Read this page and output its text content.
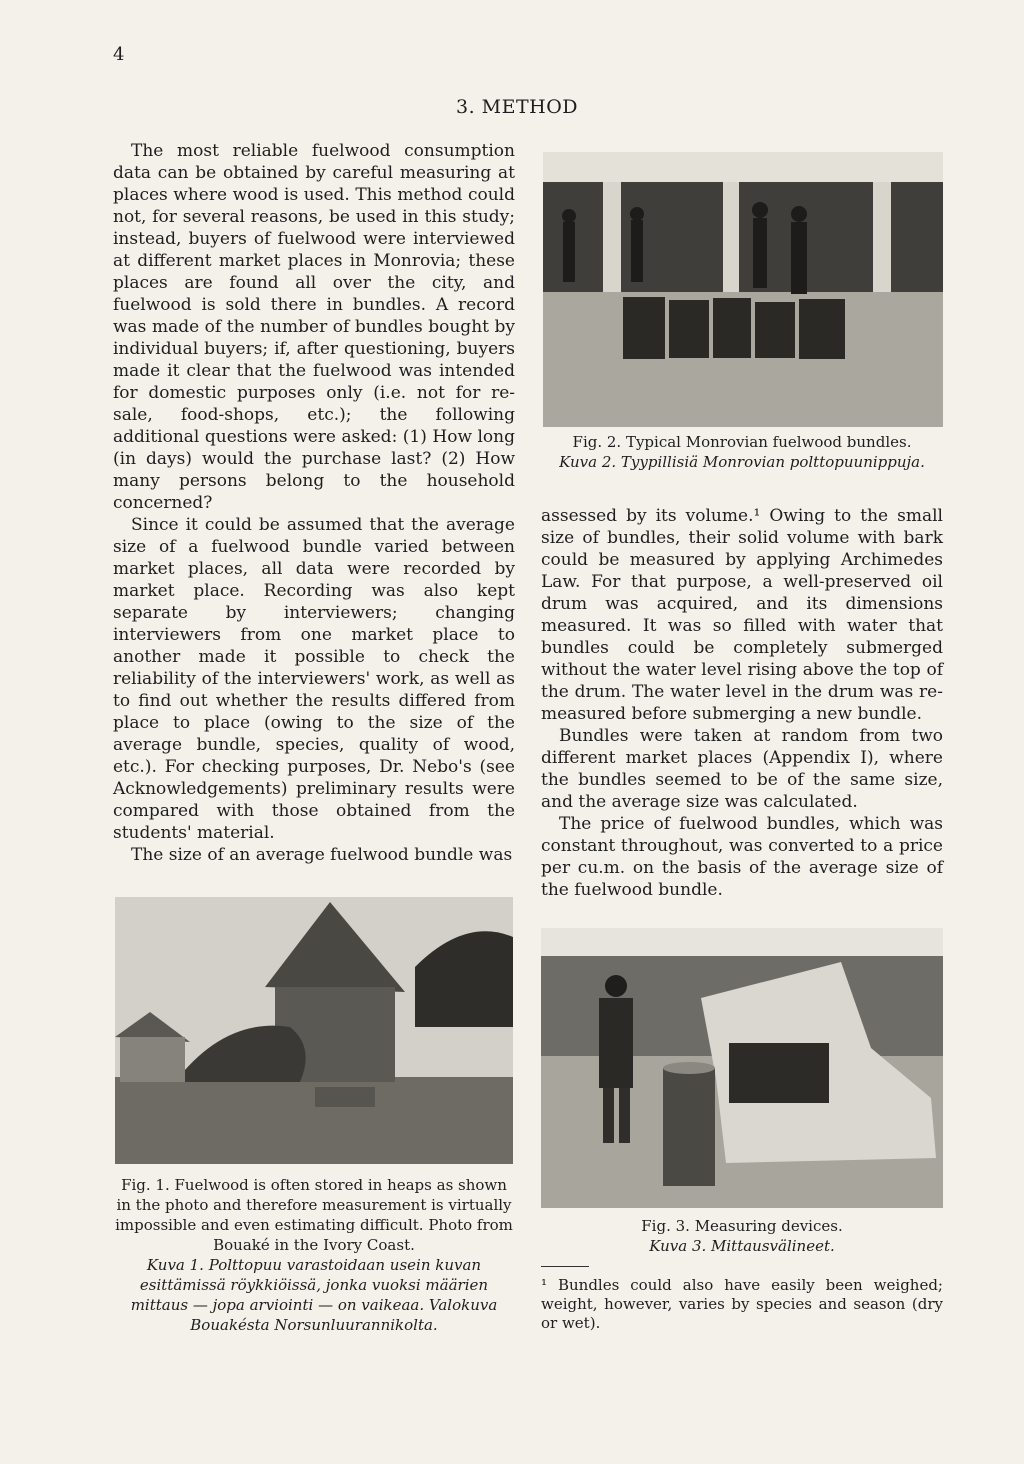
4
3. METHOD

The most reliable fuelwood consumption data can be obtained by careful measuring at places where wood is used. This method could not, for several reasons, be used in this study; instead, buyers of fuelwood were interviewed at different market places in Monrovia; these places are found all over the city, and fuelwood is sold there in bundles. A record was made of the number of bundles bought by individual buyers; if, after questioning, buyers made it clear that the fuelwood was intended for domestic purposes only (i.e. not for re-sale, food-shops, etc.); the following additional questions were asked: (1) How long (in days) would the purchase last? (2) How many persons belong to the household concerned?

Since it could be assumed that the average size of a fuelwood bundle varied between market places, all data were recorded by market place. Recording was also kept separate by interviewers; changing interviewers from one market place to another made it possible to check the reliability of the interviewers' work, as well as to find out whether the results differed from place to place (owing to the size of the average bundle, species, quality of wood, etc.). For checking purposes, Dr. Nebo's (see Acknowledgements) preliminary results were compared with those obtained from the students' material.

The size of an average fuelwood bundle was

Fig. 2. Typical Monrovian fuelwood bundles.

Kuva 2. Tyypillisiä Monrovian polttopuunippuja.

assessed by its volume.¹ Owing to the small size of bundles, their solid volume with bark could be measured by applying Archimedes Law. For that purpose, a well-preserved oil drum was acquired, and its dimensions measured. It was so filled with water that bundles could be completely submerged without the water level rising above the top of the drum. The water level in the drum was re-measured before submerging a new bundle.

Bundles were taken at random from two different market places (Appendix I), where the bundles seemed to be of the same size, and the average size was calculated.

The price of fuelwood bundles, which was constant throughout, was converted to a price per cu.m. on the basis of the average size of the fuelwood bundle.

Fig. 1. Fuelwood is often stored in heaps as shown in the photo and therefore measurement is virtually impossible and even estimating difficult. Photo from Bouaké in the Ivory Coast.

Kuva 1. Polttopuu varastoidaan usein kuvan esittämissä röykkiöissä, jonka vuoksi määrien mittaus — jopa arviointi — on vaikeaa. Valokuva Bouakésta Norsunluurannikolta.

Fig. 3. Measuring devices.

Kuva 3. Mittausvälineet.

¹ Bundles could also have easily been weighed; weight, however, varies by species and season (dry or wet).
